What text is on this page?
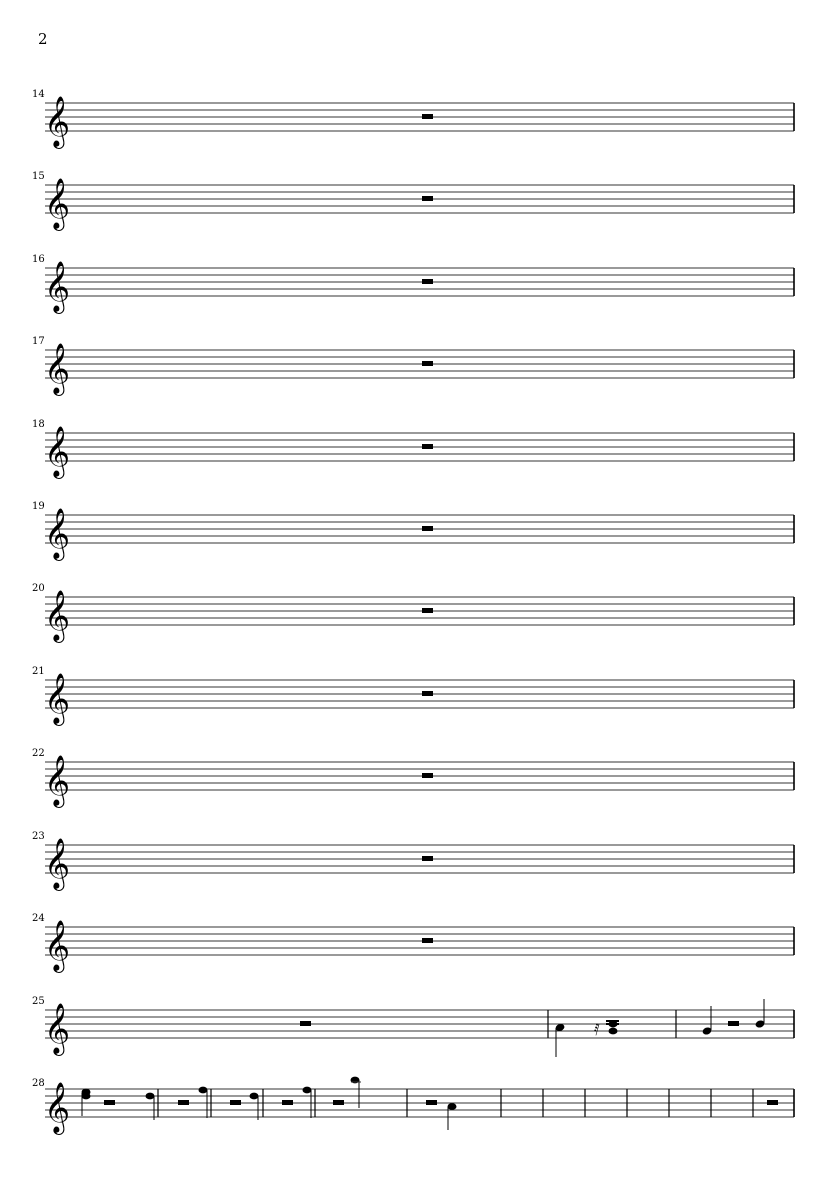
2
14
𝄞
15
𝄞
16
𝄞
17
𝄞
18
𝄞
19
𝄞
20
𝄞
21
𝄞
22
𝄞
23
𝄞
24
𝄞
25
𝄞	𝅀
28 𝄞
